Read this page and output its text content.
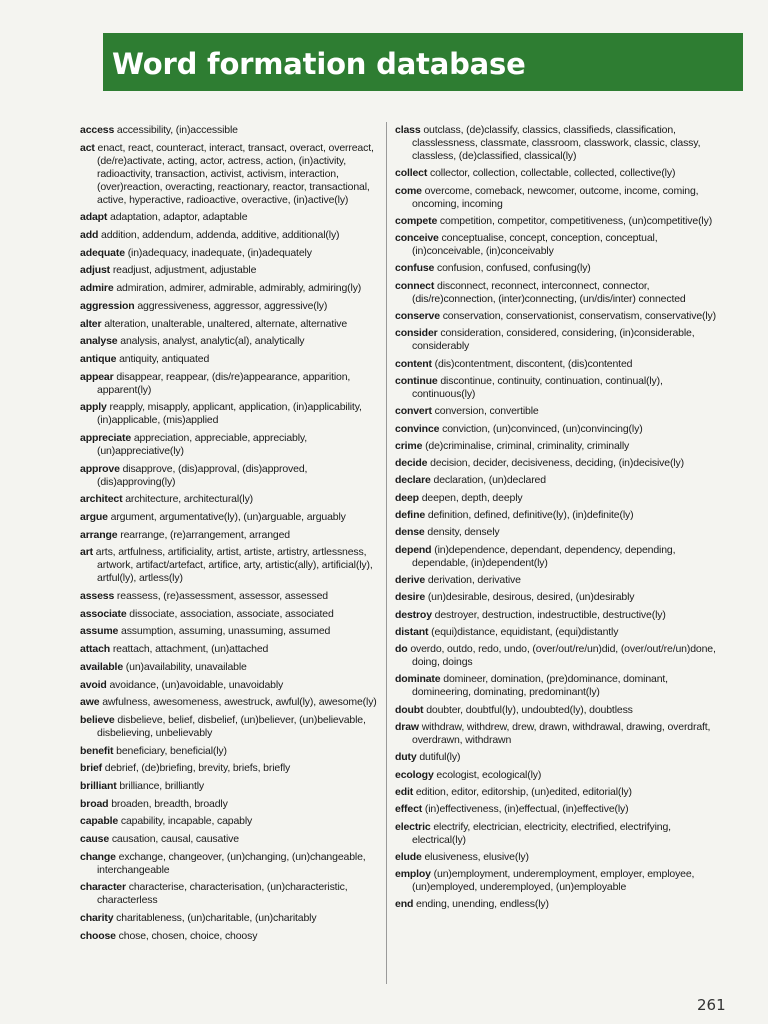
Word formation database
access accessibility, (in)accessible
act enact, react, counteract, interact, transact, overact, overreact, (de/re)activate, acting, actor, actress, action, (in)activity, radioactivity, transaction, activist, activism, interaction, (over)reaction, overacting, reactionary, reactor, transactional, active, hyperactive, radioactive, overactive, (in)active(ly)
adapt adaptation, adaptor, adaptable
add addition, addendum, addenda, additive, additional(ly)
adequate (in)adequacy, inadequate, (in)adequately
adjust readjust, adjustment, adjustable
admire admiration, admirer, admirable, admirably, admiring(ly)
aggression aggressiveness, aggressor, aggressive(ly)
alter alteration, unalterable, unaltered, alternate, alternative
analyse analysis, analyst, analytic(al), analytically
antique antiquity, antiquated
appear disappear, reappear, (dis/re)appearance, apparition, apparent(ly)
apply reapply, misapply, applicant, application, (in)applicability, (in)applicable, (mis)applied
appreciate appreciation, appreciable, appreciably, (un)appreciative(ly)
approve disapprove, (dis)approval, (dis)approved, (dis)approving(ly)
architect architecture, architectural(ly)
argue argument, argumentative(ly), (un)arguable, arguably
arrange rearrange, (re)arrangement, arranged
art arts, artfulness, artificiality, artist, artiste, artistry, artlessness, artwork, artifact/artefact, artifice, arty, artistic(ally), artificial(ly), artful(ly), artless(ly)
assess reassess, (re)assessment, assessor, assessed
associate dissociate, association, associate, associated
assume assumption, assuming, unassuming, assumed
attach reattach, attachment, (un)attached
available (un)availability, unavailable
avoid avoidance, (un)avoidable, unavoidably
awe awfulness, awesomeness, awestruck, awful(ly), awesome(ly)
believe disbelieve, belief, disbelief, (un)believer, (un)believable, disbelieving, unbelievably
benefit beneficiary, beneficial(ly)
brief debrief, (de)briefing, brevity, briefs, briefly
brilliant brilliance, brilliantly
broad broaden, breadth, broadly
capable capability, incapable, capably
cause causation, causal, causative
change exchange, changeover, (un)changing, (un)changeable, interchangeable
character characterise, characterisation, (un)characteristic, characterless
charity charitableness, (un)charitable, (un)charitably
choose chose, chosen, choice, choosy
class outclass, (de)classify, classics, classifieds, classification, classlessness, classmate, classroom, classwork, classic, classy, classless, (de)classified, classical(ly)
collect collector, collection, collectable, collected, collective(ly)
come overcome, comeback, newcomer, outcome, income, coming, oncoming, incoming
compete competition, competitor, competitiveness, (un)competitive(ly)
conceive conceptualise, concept, conception, conceptual, (in)conceivable, (in)conceivably
confuse confusion, confused, confusing(ly)
connect disconnect, reconnect, interconnect, connector, (dis/re)connection, (inter)connecting, (un/dis/inter) connected
conserve conservation, conservationist, conservatism, conservative(ly)
consider consideration, considered, considering, (in)considerable, considerably
content (dis)contentment, discontent, (dis)contented
continue discontinue, continuity, continuation, continual(ly), continuous(ly)
convert conversion, convertible
convince conviction, (un)convinced, (un)convincing(ly)
crime (de)criminalise, criminal, criminality, criminally
decide decision, decider, decisiveness, deciding, (in)decisive(ly)
declare declaration, (un)declared
deep deepen, depth, deeply
define definition, defined, definitive(ly), (in)definite(ly)
dense density, densely
depend (in)dependence, dependant, dependency, depending, dependable, (in)dependent(ly)
derive derivation, derivative
desire (un)desirable, desirous, desired, (un)desirably
destroy destroyer, destruction, indestructible, destructive(ly)
distant (equi)distance, equidistant, (equi)distantly
do overdo, outdo, redo, undo, (over/out/re/un)did, (over/out/re/un)done, doing, doings
dominate domineer, domination, (pre)dominance, dominant, domineering, dominating, predominant(ly)
doubt doubter, doubtful(ly), undoubted(ly), doubtless
draw withdraw, withdrew, drew, drawn, withdrawal, drawing, overdraft, overdrawn, withdrawn
duty dutiful(ly)
ecology ecologist, ecological(ly)
edit edition, editor, editorship, (un)edited, editorial(ly)
effect (in)effectiveness, (in)effectual, (in)effective(ly)
electric electrify, electrician, electricity, electrified, electrifying, electrical(ly)
elude elusiveness, elusive(ly)
employ (un)employment, underemployment, employer, employee, (un)employed, underemployed, (un)employable
end ending, unending, endless(ly)
261
